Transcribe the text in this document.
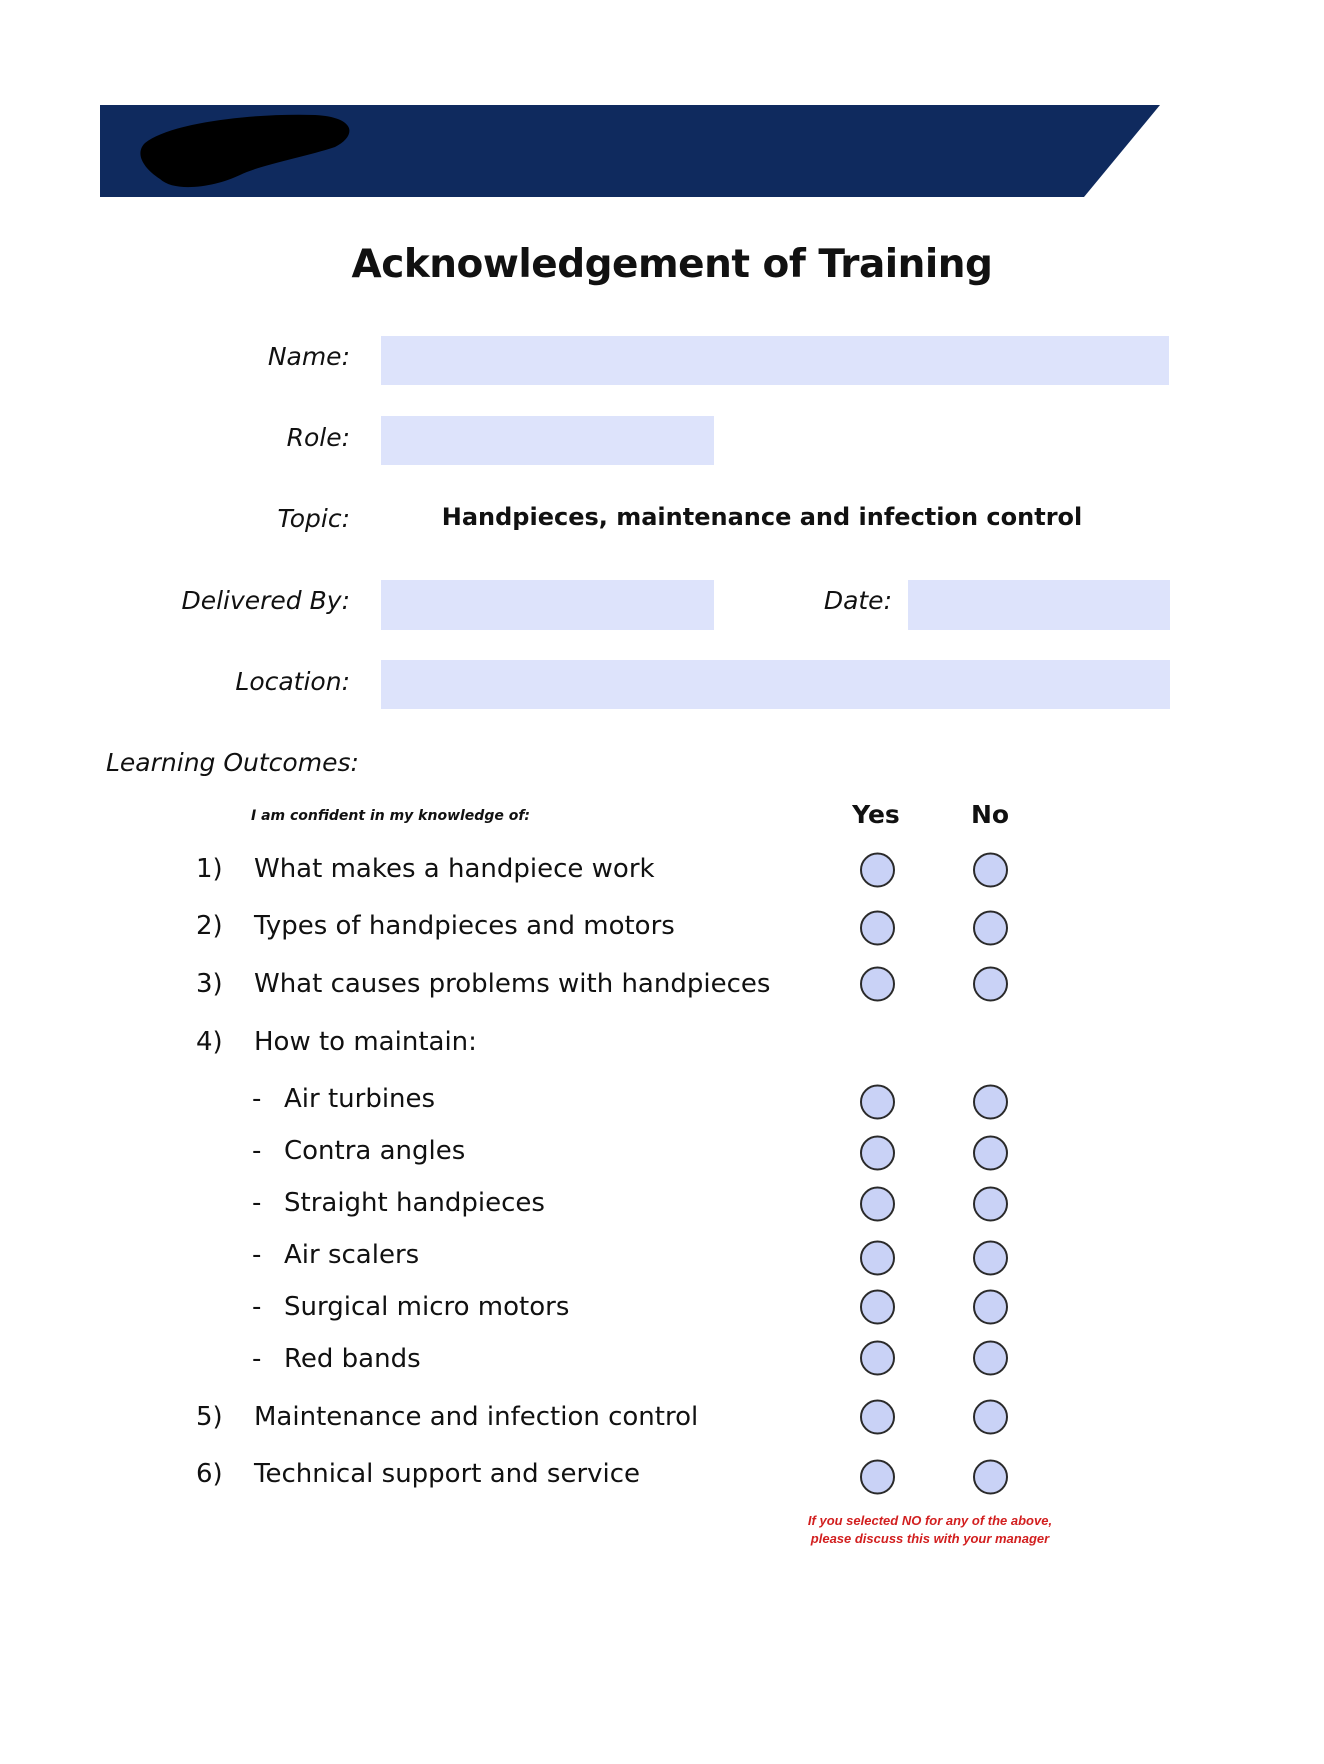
Acknowledgement of Training
Name:
Role:
Topic:	Handpieces, maintenance and infection control
Delivered By:	Date:
Location:
Learning Outcomes:
I am confident in my knowledge of:	Yes	No
1) What makes a handpiece work
2) Types of handpieces and motors
3) What causes problems with handpieces
4) How to maintain:
- Air turbines
- Contra angles
- Straight handpieces
- Air scalers
- Surgical micro motors
- Red bands
5) Maintenance and infection control
6) Technical support and service
If you selected NO for any of the above,
please discuss this with your manager
